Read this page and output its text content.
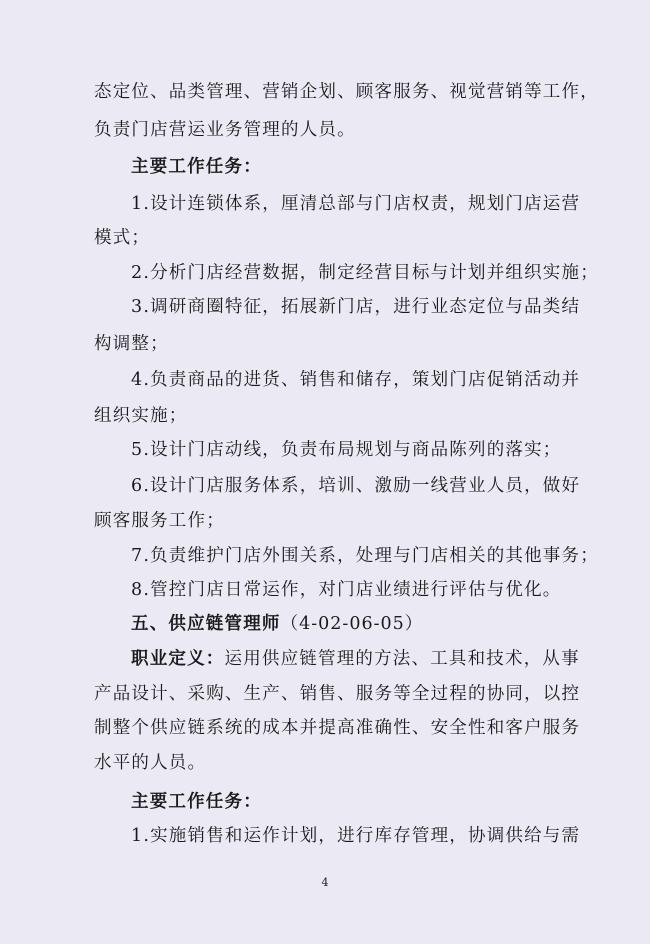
态定位、品类管理、营销企划、顾客服务、视觉营销等工作，
负责门店营运业务管理的人员。
主要工作任务：
1.设计连锁体系，厘清总部与门店权责，规划门店运营
模式；
2.分析门店经营数据，制定经营目标与计划并组织实施；
3.调研商圈特征，拓展新门店，进行业态定位与品类结
构调整；
4.负责商品的进货、销售和储存，策划门店促销活动并
组织实施；
5.设计门店动线，负责布局规划与商品陈列的落实；
6.设计门店服务体系，培训、激励一线营业人员，做好
顾客服务工作；
7.负责维护门店外围关系，处理与门店相关的其他事务；
8.管控门店日常运作，对门店业绩进行评估与优化。
五、供应链管理师（4-02-06-05）
职业定义：运用供应链管理的方法、工具和技术，从事
产品设计、采购、生产、销售、服务等全过程的协同，以控
制整个供应链系统的成本并提高准确性、安全性和客户服务
水平的人员。
主要工作任务：
1.实施销售和运作计划，进行库存管理，协调供给与需
4
